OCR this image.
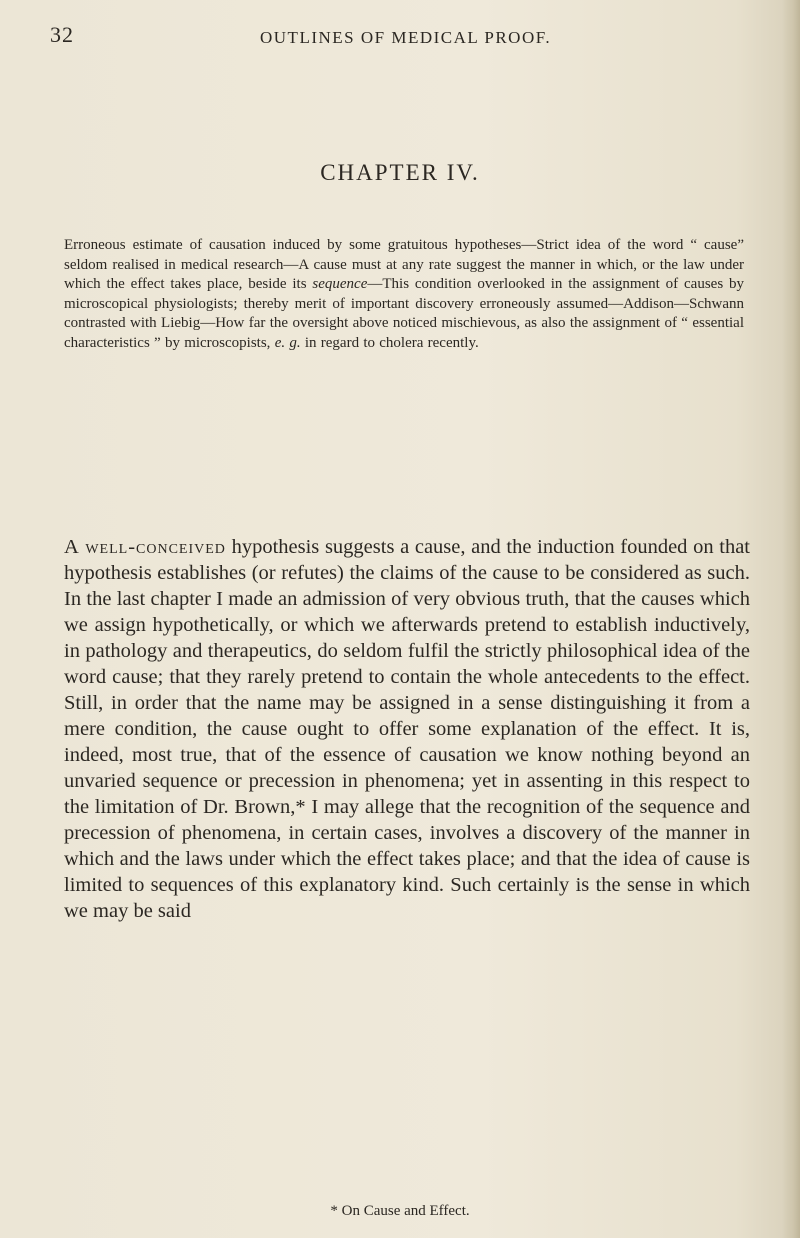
32	OUTLINES OF MEDICAL PROOF.
CHAPTER IV.

Erroneous estimate of causation induced by some gratuitous hypotheses—Strict idea of the word “ cause” seldom realised in medical research—A cause must at any rate suggest the manner in which, or the law under which the effect takes place, beside its sequence—This condition overlooked in the assignment of causes by microscopical physiologists; thereby merit of important discovery erroneously assumed—Addison—Schwann contrasted with Liebig—How far the oversight above noticed mischievous, as also the assignment of “ essential characteristics ” by microscopists, e. g. in regard to cholera recently.

A well-conceived hypothesis suggests a cause, and the induction founded on that hypothesis establishes (or refutes) the claims of the cause to be considered as such. In the last chapter I made an admission of very obvious truth, that the causes which we assign hypothetically, or which we afterwards pretend to establish inductively, in pathology and therapeutics, do seldom fulfil the strictly philosophical idea of the word cause; that they rarely pretend to contain the whole antecedents to the effect. Still, in order that the name may be assigned in a sense distinguishing it from a mere condition, the cause ought to offer some explanation of the effect. It is, indeed, most true, that of the essence of causation we know nothing beyond an unvaried sequence or precession in phenomena; yet in assenting in this respect to the limitation of Dr. Brown,* I may allege that the recognition of the sequence and precession of phenomena, in certain cases, involves a discovery of the manner in which and the laws under which the effect takes place; and that the idea of cause is limited to sequences of this explanatory kind. Such certainly is the sense in which we may be said

* On Cause and Effect.
